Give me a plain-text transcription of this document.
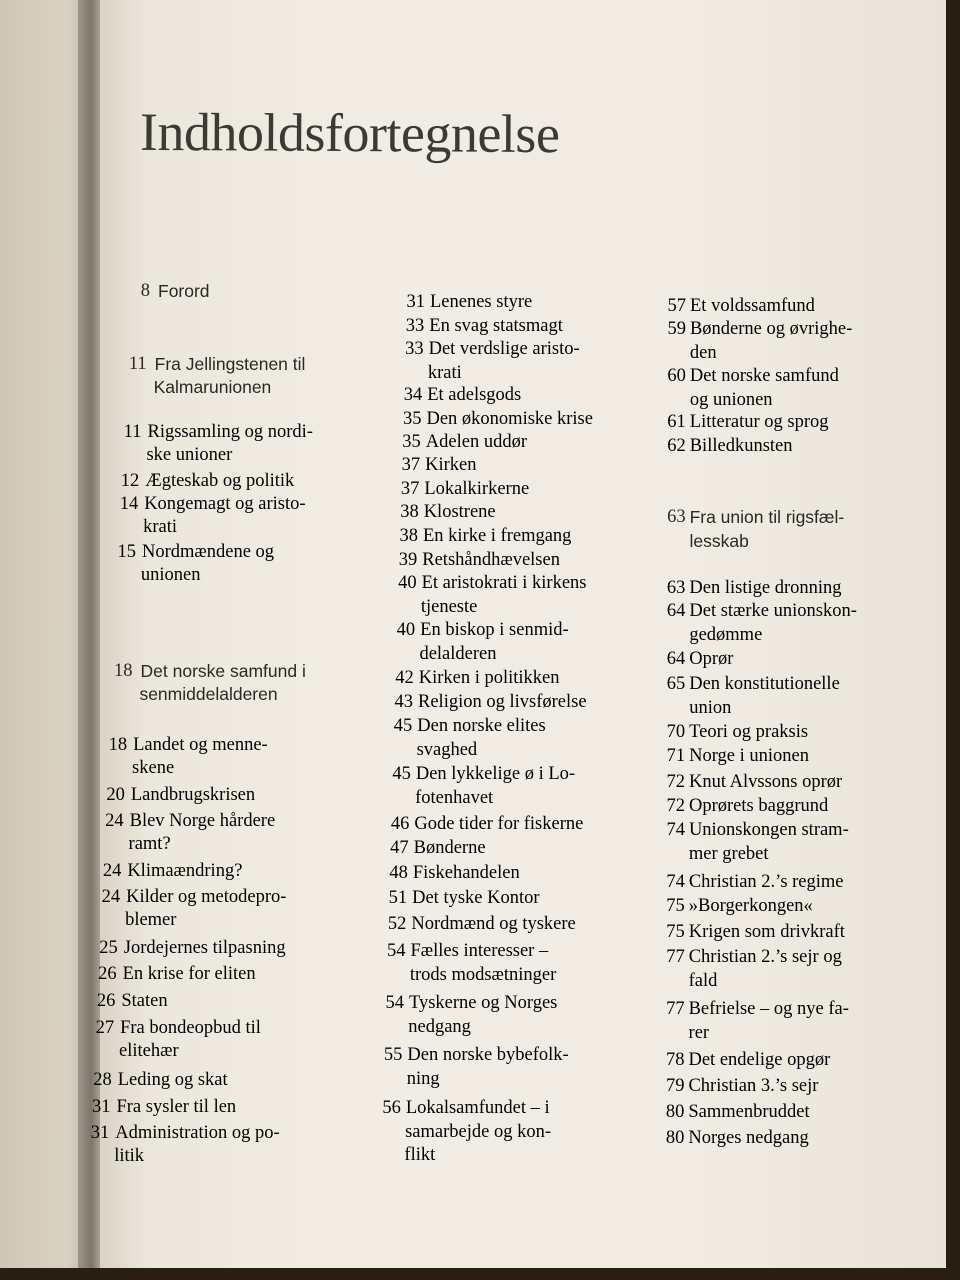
Indholdsfortegnelse
8 Forord
11 Fra Jellingstenen til
Kalmarunionen
11 Rigssamling og nordi-
ske unioner
12 Ægteskab og politik
14 Kongemagt og aristo-
krati
15 Nordmændene og
unionen
18 Det norske samfund i
senmiddelalderen
18 Landet og menne-
skene
20 Landbrugskrisen
24 Blev Norge hårdere
ramt?
24 Klimaændring?
24 Kilder og metodepro-
blemer
25 Jordejernes tilpasning
26 En krise for eliten
26 Staten
27 Fra bondeopbud til
elitehær
28 Leding og skat
31 Fra sysler til len
31 Administration og po-
litik
31 Lenenes styre
33 En svag statsmagt
33 Det verdslige aristo-
krati
34 Et adelsgods
35 Den økonomiske krise
35 Adelen uddør
37 Kirken
37 Lokalkirkerne
38 Klostrene
38 En kirke i fremgang
39 Retshåndhævelsen
40 Et aristokrati i kirkens
tjeneste
40 En biskop i senmid-
delalderen
42 Kirken i politikken
43 Religion og livsførelse
45 Den norske elites
svaghed
45 Den lykkelige ø i Lo-
fotenhavet
46 Gode tider for fiskerne
47 Bønderne
48 Fiskehandelen
51 Det tyske Kontor
52 Nordmænd og tyskere
54 Fælles interesser –
trods modsætninger
54 Tyskerne og Norges
nedgang
55 Den norske bybefolk-
ning
56 Lokalsamfundet – i
samarbejde og kon-
flikt
57 Et voldssamfund
59 Bønderne og øvrighe-
den
60 Det norske samfund
og unionen
61 Litteratur og sprog
62 Billedkunsten
63 Fra union til rigsfæl-
lesskab
63 Den listige dronning
64 Det stærke unionskon-
gedømme
64 Oprør
65 Den konstitutionelle
union
70 Teori og praksis
71 Norge i unionen
72 Knut Alvssons oprør
72 Oprørets baggrund
74 Unionskongen stram-
mer grebet
74 Christian 2.’s regime
75 »Borgerkongen«
75 Krigen som drivkraft
77 Christian 2.’s sejr og
fald
77 Befrielse – og nye fa-
rer
78 Det endelige opgør
79 Christian 3.’s sejr
80 Sammenbruddet
80 Norges nedgang
